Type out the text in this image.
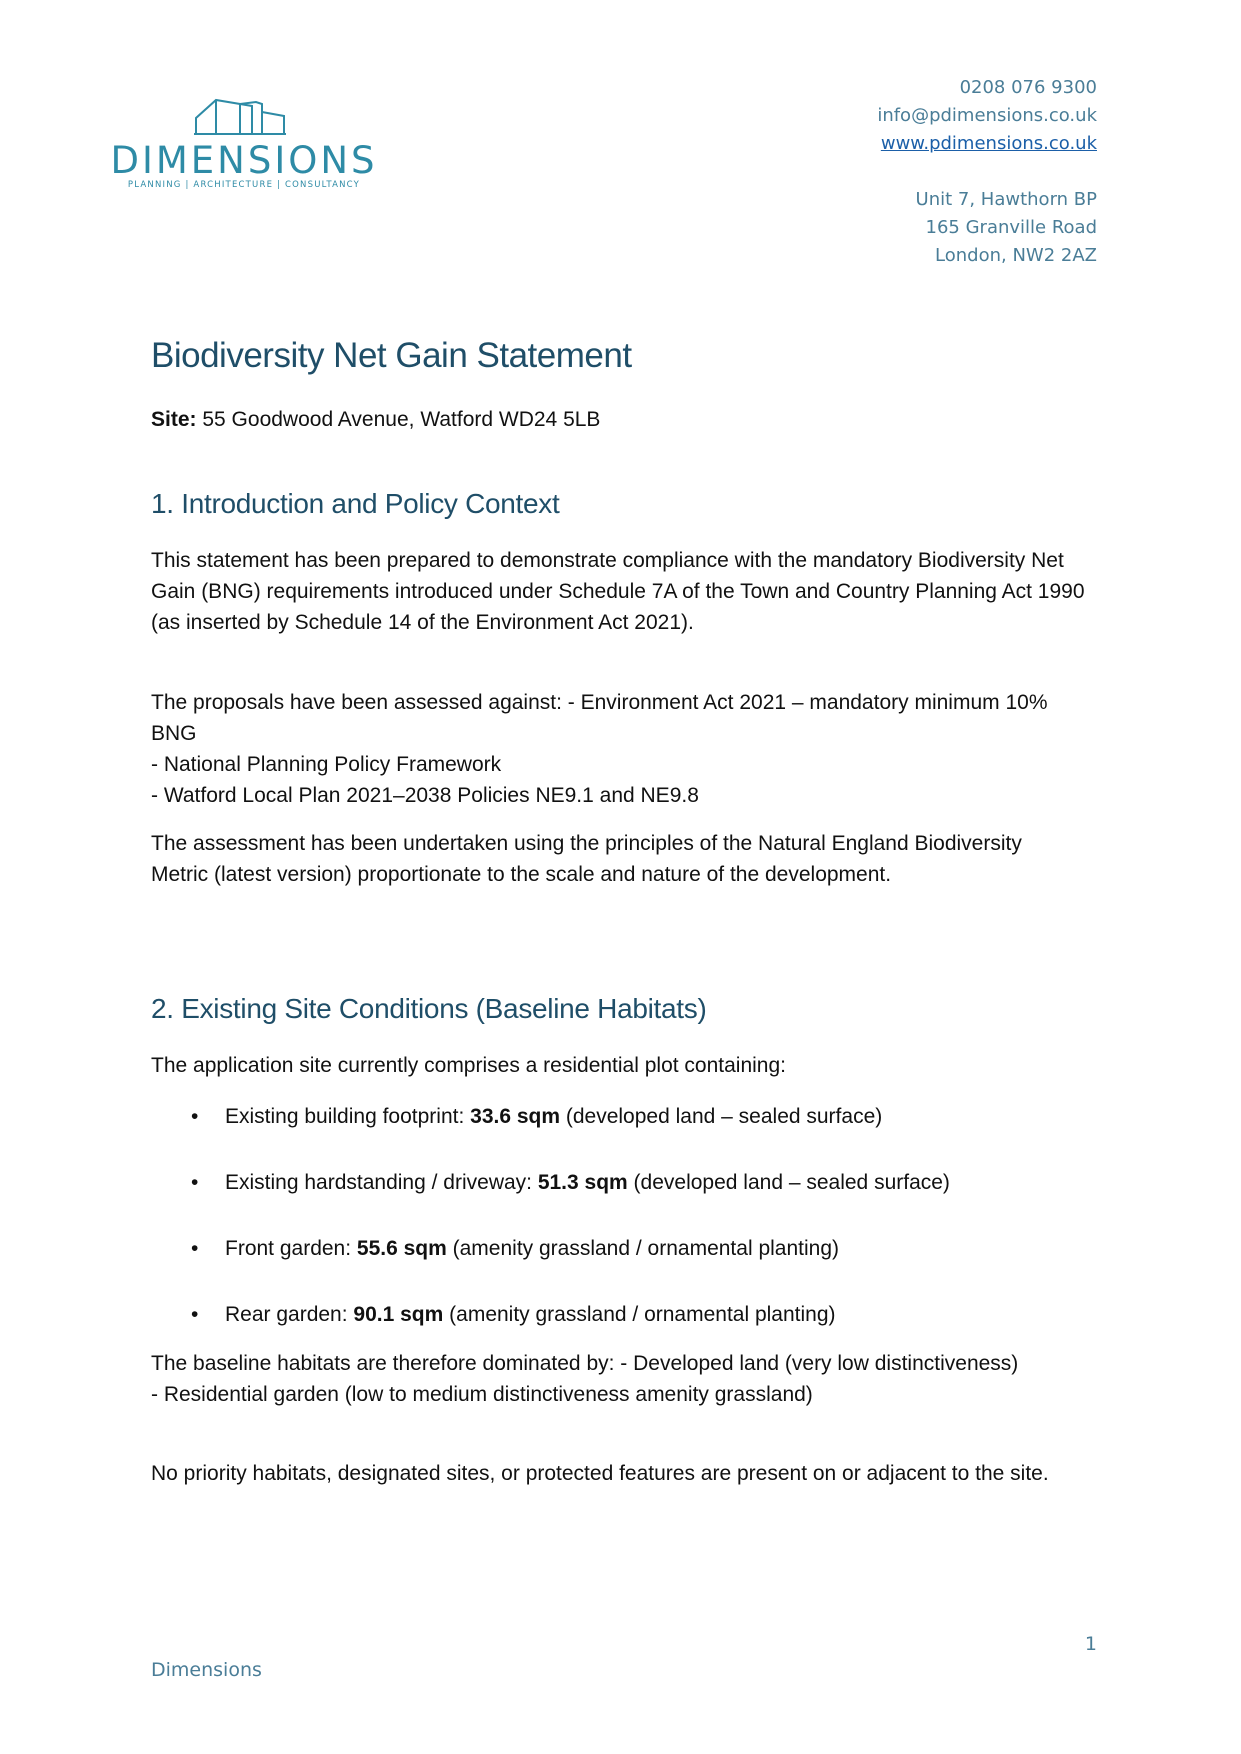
DIMENSIONS
PLANNING | ARCHITECTURE | CONSULTANCY
0208 076 9300
info@pdimensions.co.uk
www.pdimensions.co.uk
Unit 7, Hawthorn BP
165 Granville Road
London, NW2 2AZ
Biodiversity Net Gain Statement
Site: 55 Goodwood Avenue, Watford WD24 5LB
1. Introduction and Policy Context

This statement has been prepared to demonstrate compliance with the mandatory Biodiversity Net Gain (BNG) requirements introduced under Schedule 7A of the Town and Country Planning Act 1990 (as inserted by Schedule 14 of the Environment Act 2021).

The proposals have been assessed against: - Environment Act 2021 – mandatory minimum 10% BNG
- National Planning Policy Framework
- Watford Local Plan 2021–2038 Policies NE9.1 and NE9.8

The assessment has been undertaken using the principles of the Natural England Biodiversity Metric (latest version) proportionate to the scale and nature of the development.

2. Existing Site Conditions (Baseline Habitats)

The application site currently comprises a residential plot containing:

• Existing building footprint: 33.6 sqm (developed land – sealed surface)
• Existing hardstanding / driveway: 51.3 sqm (developed land – sealed surface)
• Front garden: 55.6 sqm (amenity grassland / ornamental planting)
• Rear garden: 90.1 sqm (amenity grassland / ornamental planting)

The baseline habitats are therefore dominated by: - Developed land (very low distinctiveness)
- Residential garden (low to medium distinctiveness amenity grassland)

No priority habitats, designated sites, or protected features are present on or adjacent to the site.

1
Dimensions
